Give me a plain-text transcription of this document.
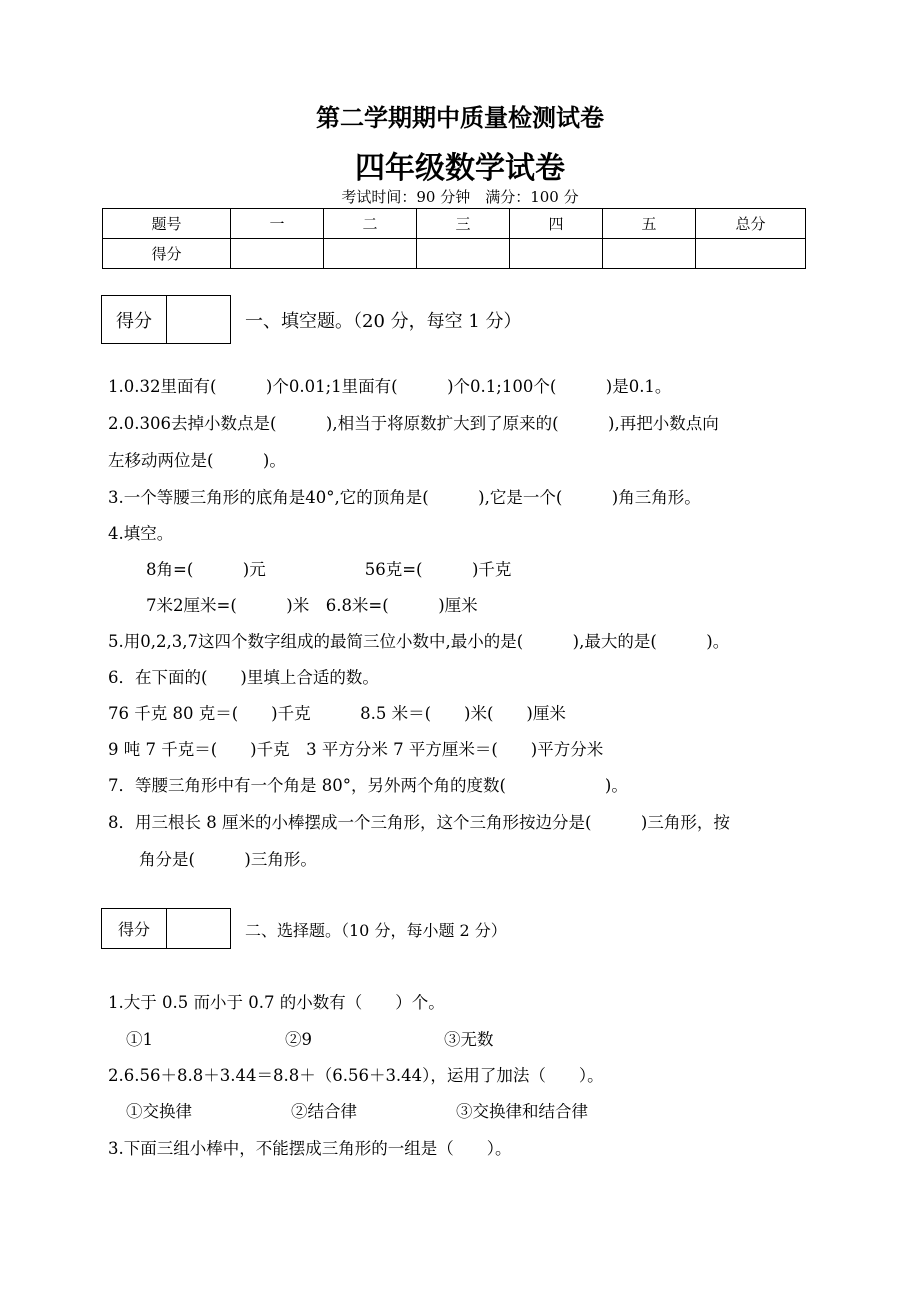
第二学期期中质量检测试卷
四年级数学试卷
考试时间：90 分钟　满分：100 分
题号	一	二	三	四	五	总分
得分						
得分	一、填空题。（20 分，每空 1 分）
1.0.32里面有(　　　)个0.01;1里面有(　　　)个0.1;100个(　　　)是0.1。
2.0.306去掉小数点是(　　　),相当于将原数扩大到了原来的(　　　),再把小数点向
左移动两位是(　　　)。
3.一个等腰三角形的底角是40°,它的顶角是(　　　),它是一个(　　　)角三角形。
4.填空。
8角=(　　　)元　　　　　　56克=(　　　)千克
7米2厘米=(　　　)米　6.8米=(　　　)厘米
5.用0,2,3,7这四个数字组成的最简三位小数中,最小的是(　　　),最大的是(　　　)。
6．在下面的(　　)里填上合适的数。
76 千克 80 克＝(　　)千克　　　8.5 米＝(　　)米(　　)厘米
9 吨 7 千克＝(　　)千克　3 平方分米 7 平方厘米＝(　　)平方分米
7．等腰三角形中有一个角是 80°，另外两个角的度数(　　　　　　)。
8．用三根长 8 厘米的小棒摆成一个三角形，这个三角形按边分是(　　　)三角形，按
角分是(　　　)三角形。
得分	二、选择题。（10 分，每小题 2 分）
1.大于 0.5 而小于 0.7 的小数有（　　）个。
①1　　　　　　　　②9　　　　　　　　③无数
2.6.56＋8.8＋3.44＝8.8＋（6.56＋3.44），运用了加法（　　）。
①交换律　　　　　　②结合律　　　　　　③交换律和结合律
3.下面三组小棒中，不能摆成三角形的一组是（　　）。
